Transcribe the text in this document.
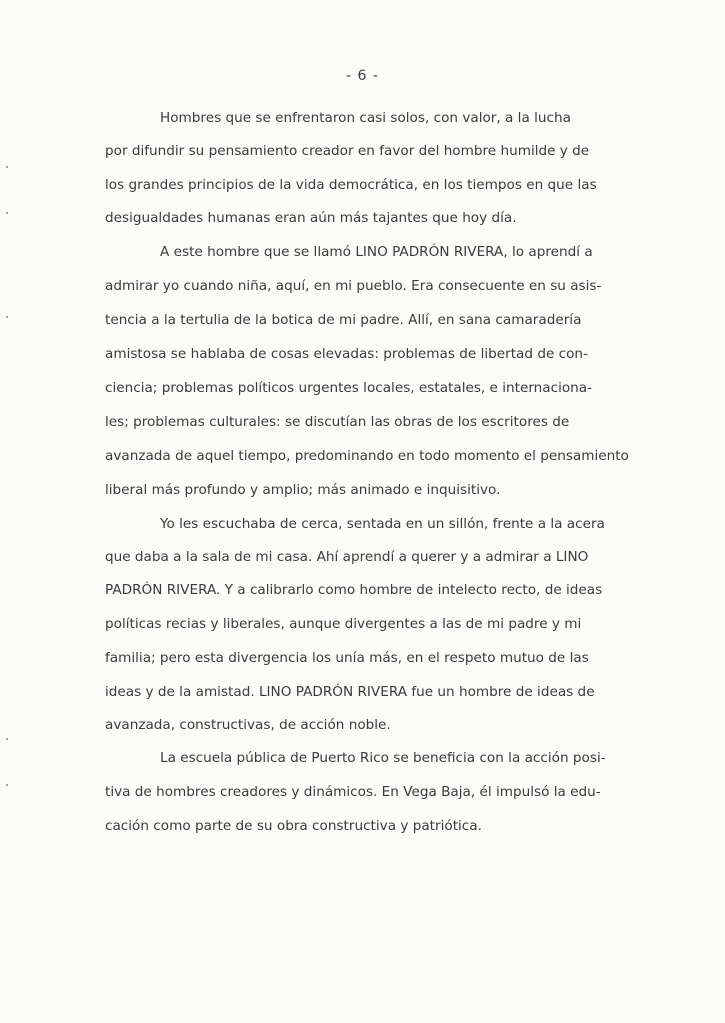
- 6 -
Hombres que se enfrentaron casi solos, con valor, a la lucha
por difundir su pensamiento creador en favor del hombre humilde y de
los grandes principios de la vida democrática, en los tiempos en que las
desigualdades humanas eran aún más tajantes que hoy día.
A este hombre que se llamó LINO PADRÓN RIVERA, lo aprendí a
admirar yo cuando niña, aquí, en mi pueblo. Era consecuente en su asis-
tencia a la tertulia de la botica de mi padre. Allí, en sana camaradería
amistosa se hablaba de cosas elevadas: problemas de libertad de con-
ciencia; problemas políticos urgentes locales, estatales, e internaciona-
les; problemas culturales: se discutían las obras de los escritores de
avanzada de aquel tiempo, predominando en todo momento el pensamiento
liberal más profundo y amplio; más animado e inquisitivo.
Yo les escuchaba de cerca, sentada en un sillón, frente a la acera
que daba a la sala de mi casa. Ahí aprendí a querer y a admirar a LINO
PADRÓN RIVERA. Y a calibrarlo como hombre de intelecto recto, de ideas
políticas recias y liberales, aunque divergentes a las de mi padre y mi
familia; pero esta divergencia los unía más, en el respeto mutuo de las
ideas y de la amistad. LINO PADRÓN RIVERA fue un hombre de ideas de
avanzada, constructivas, de acción noble.
La escuela pública de Puerto Rico se beneficia con la acción posi-
tiva de hombres creadores y dinámicos. En Vega Baja, él impulsó la edu-
cación como parte de su obra constructiva y patriótica.
